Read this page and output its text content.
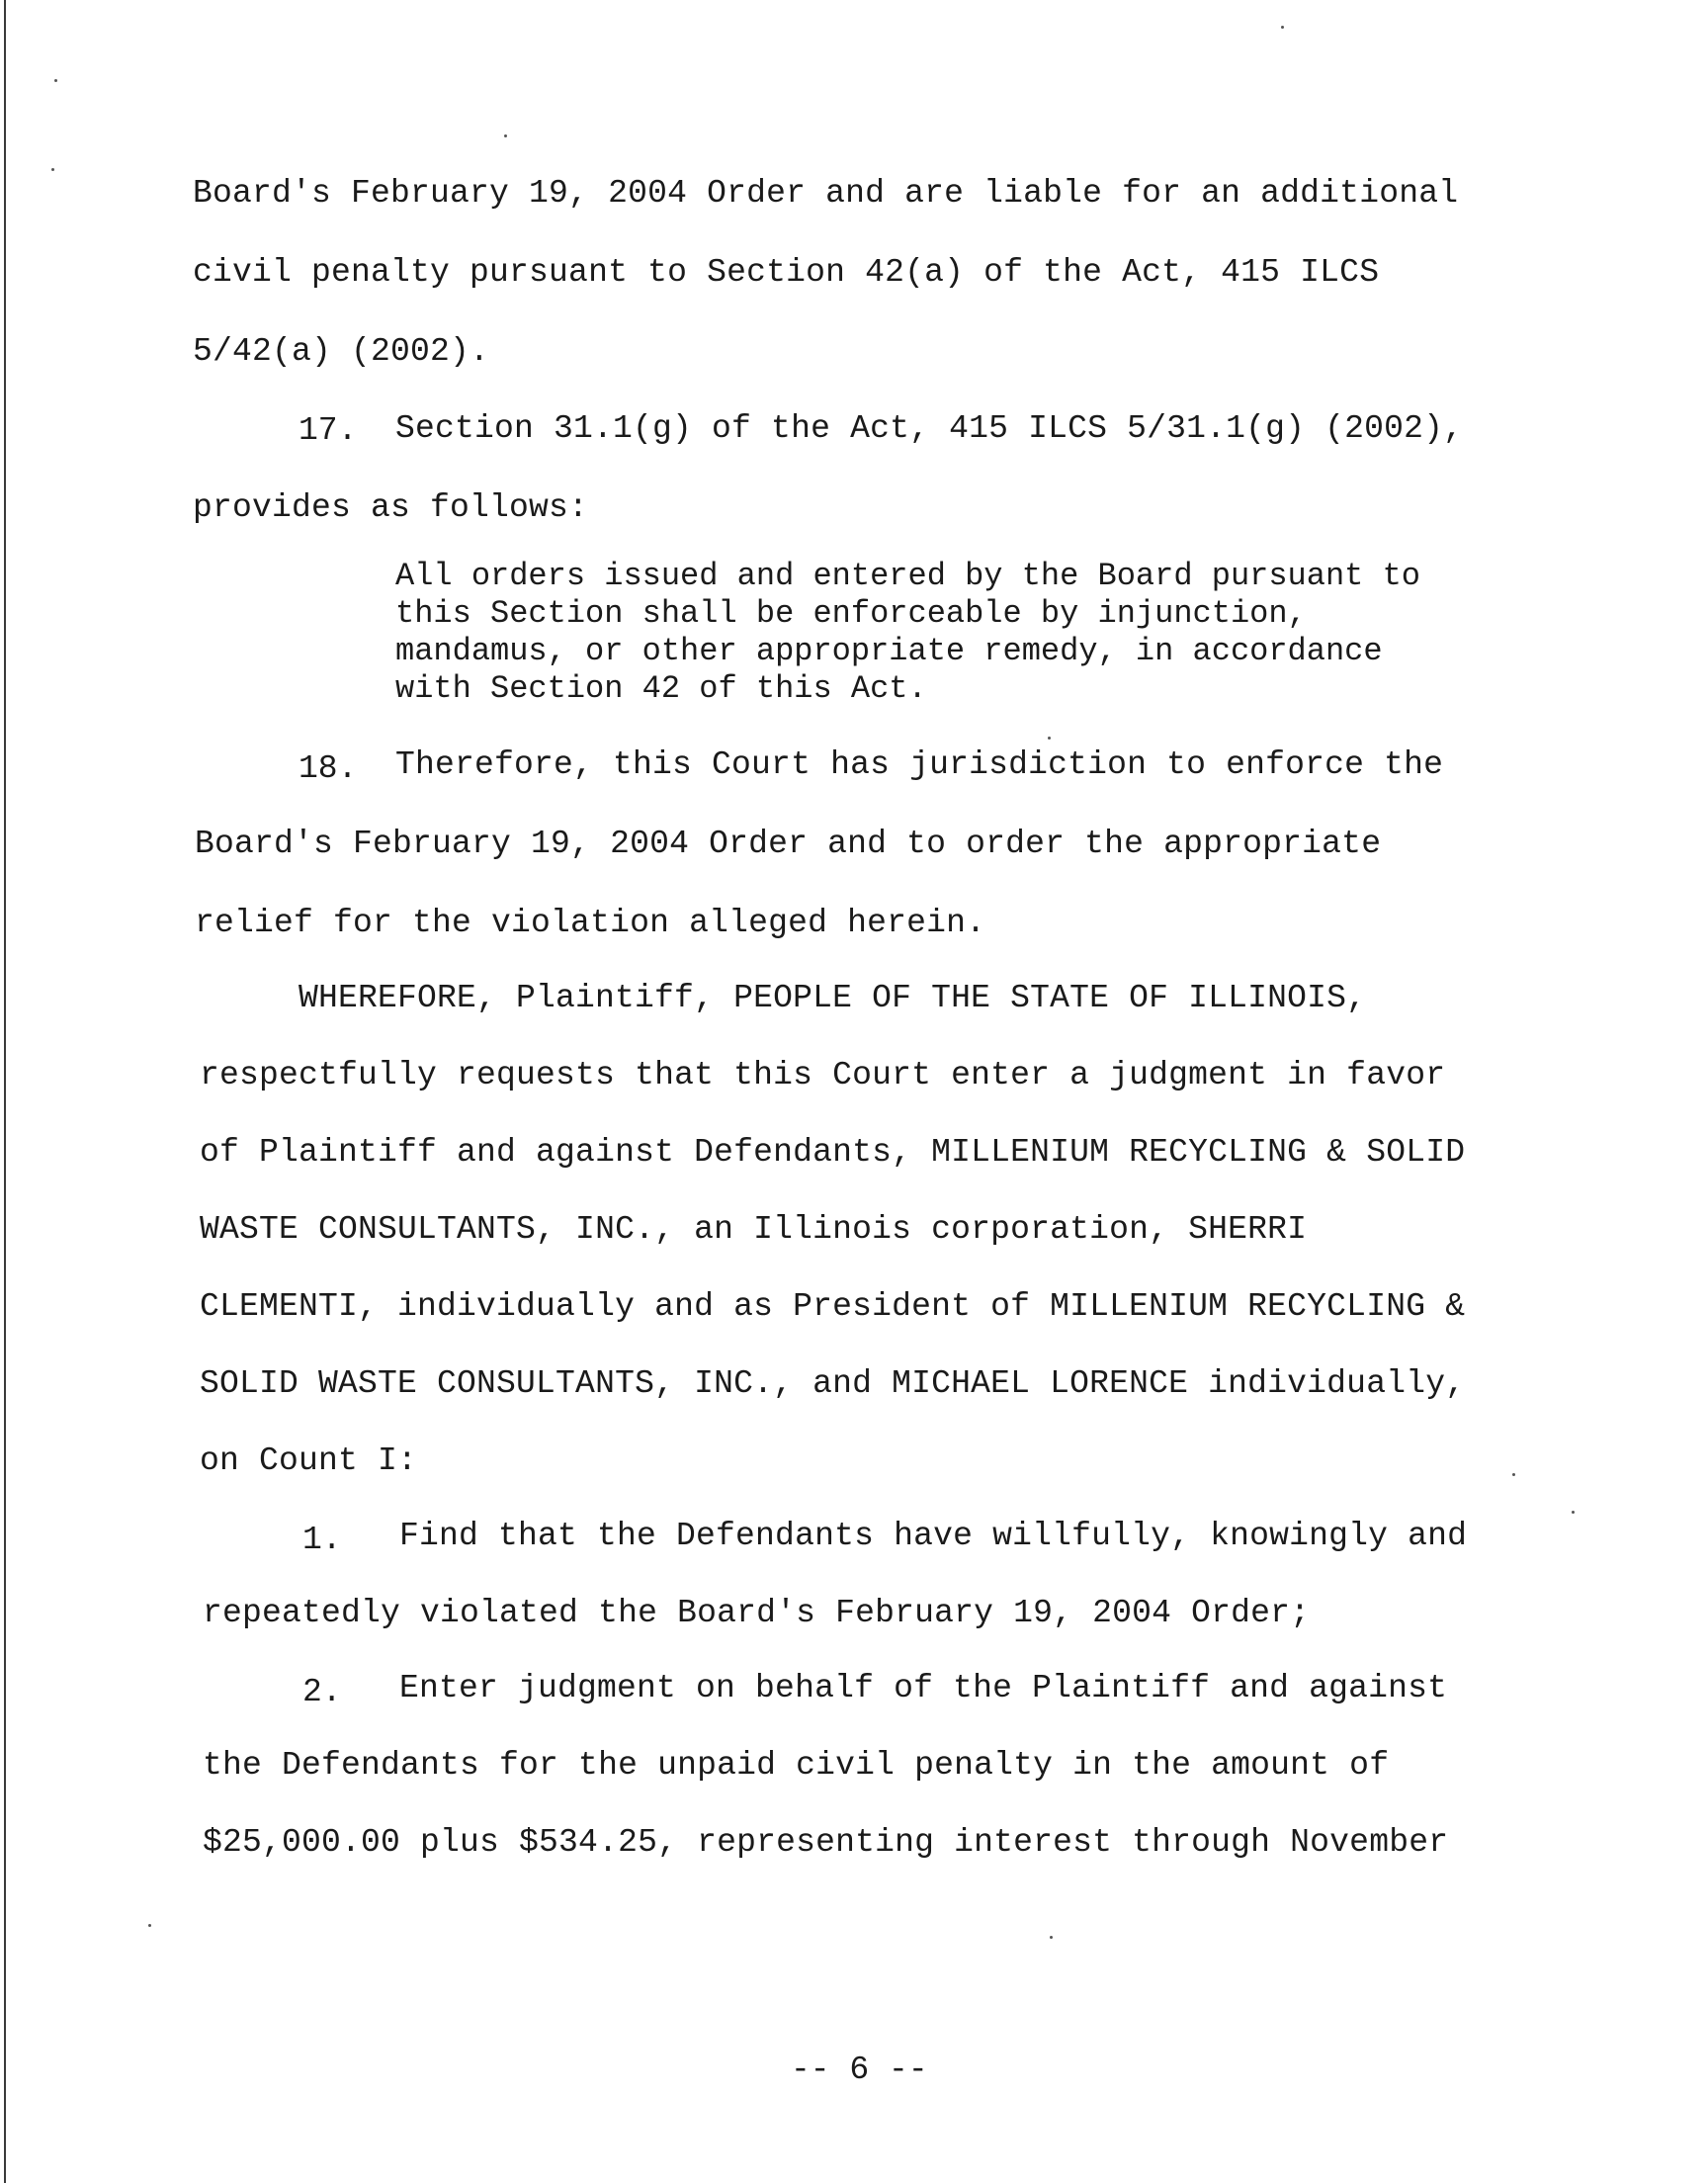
Board's February 19, 2004 Order and are liable for an additional
civil penalty pursuant to Section 42(a) of the Act, 415 ILCS
5/42(a) (2002).
17. Section 31.1(g) of the Act, 415 ILCS 5/31.1(g) (2002),
provides as follows:
All orders issued and entered by the Board pursuant to
this Section shall be enforceable by injunction,
mandamus, or other appropriate remedy, in accordance
with Section 42 of this Act.
18. Therefore, this Court has jurisdiction to enforce the
Board's February 19, 2004 Order and to order the appropriate
relief for the violation alleged herein.
WHEREFORE, Plaintiff, PEOPLE OF THE STATE OF ILLINOIS,
respectfully requests that this Court enter a judgment in favor
of Plaintiff and against Defendants, MILLENIUM RECYCLING & SOLID
WASTE CONSULTANTS, INC., an Illinois corporation, SHERRI
CLEMENTI, individually and as President of MILLENIUM RECYCLING &
SOLID WASTE CONSULTANTS, INC., and MICHAEL LORENCE individually,
on Count I:
1. Find that the Defendants have willfully, knowingly and
repeatedly violated the Board's February 19, 2004 Order;
2. Enter judgment on behalf of the Plaintiff and against
the Defendants for the unpaid civil penalty in the amount of
$25,000.00 plus $534.25, representing interest through November
-- 6 --
